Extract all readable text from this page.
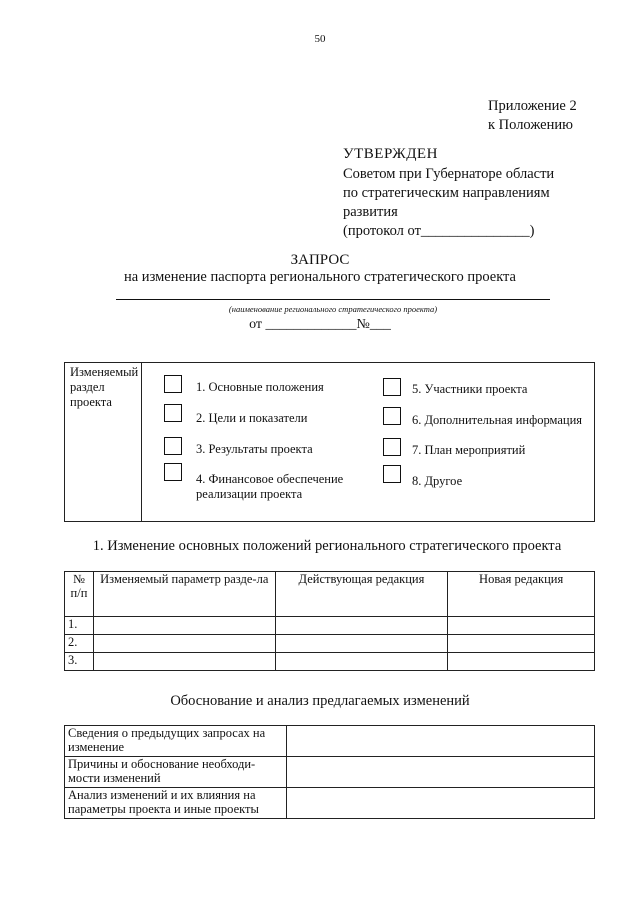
50
Приложение 2
к Положению
УТВЕРЖДЕН
Советом при Губернаторе области
по стратегическим направлениям
развития
(протокол от_______________)
ЗАПРОС
на изменение паспорта регионального стратегического проекта
(наименование регионального стратегического проекта)
от _____________№___
Изменяемый раздел проекта
1. Основные положения
2. Цели и показатели
3. Результаты проекта
4. Финансовое обеспечение реализации проекта
5. Участники проекта
6. Дополнительная информация
7. План мероприятий
8. Другое
1. Изменение основных положений регионального стратегического проекта
№ п/п	Изменяемый параметр разде-ла	Действующая редакция	Новая редакция
1.			
2.			
3.			
Обоснование и анализ предлагаемых изменений
Сведения о предыдущих запросах на изменение	
Причины и обоснование необходи-мости изменений	
Анализ изменений и их влияния на параметры проекта и иные проекты	
